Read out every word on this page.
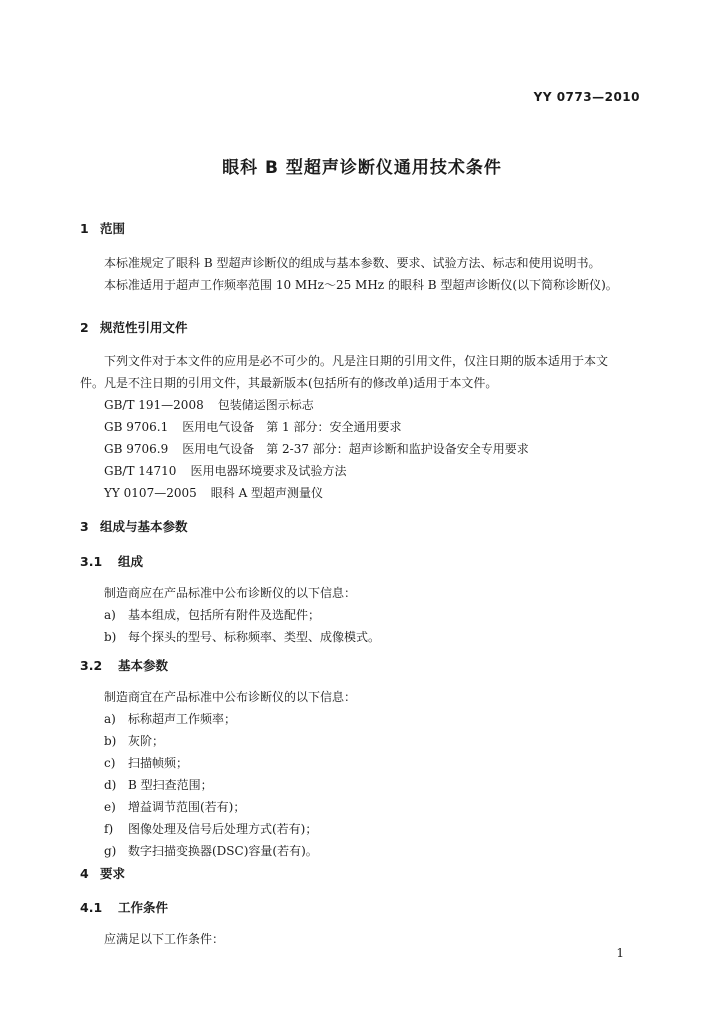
YY 0773—2010
眼科 B 型超声诊断仪通用技术条件
1 范围
本标准规定了眼科 B 型超声诊断仪的组成与基本参数、要求、试验方法、标志和使用说明书。
本标准适用于超声工作频率范围 10 MHz～25 MHz 的眼科 B 型超声诊断仪(以下简称诊断仪)。
2 规范性引用文件
下列文件对于本文件的应用是必不可少的。凡是注日期的引用文件，仅注日期的版本适用于本文
件。凡是不注日期的引用文件，其最新版本(包括所有的修改单)适用于本文件。
GB/T 191—2008 包装储运图示标志
GB 9706.1 医用电气设备　第 1 部分：安全通用要求
GB 9706.9 医用电气设备　第 2-37 部分：超声诊断和监护设备安全专用要求
GB/T 14710 医用电器环境要求及试验方法
YY 0107—2005 眼科 A 型超声测量仪
3 组成与基本参数
3.1 组成
制造商应在产品标准中公布诊断仪的以下信息：
a) 基本组成，包括所有附件及选配件；
b) 每个探头的型号、标称频率、类型、成像模式。
3.2 基本参数
制造商宜在产品标准中公布诊断仪的以下信息：
a) 标称超声工作频率；
b) 灰阶；
c) 扫描帧频；
d) B 型扫查范围；
e) 增益调节范围(若有)；
f) 图像处理及信号后处理方式(若有)；
g) 数字扫描变换器(DSC)容量(若有)。
4 要求
4.1 工作条件
应满足以下工作条件：
1
